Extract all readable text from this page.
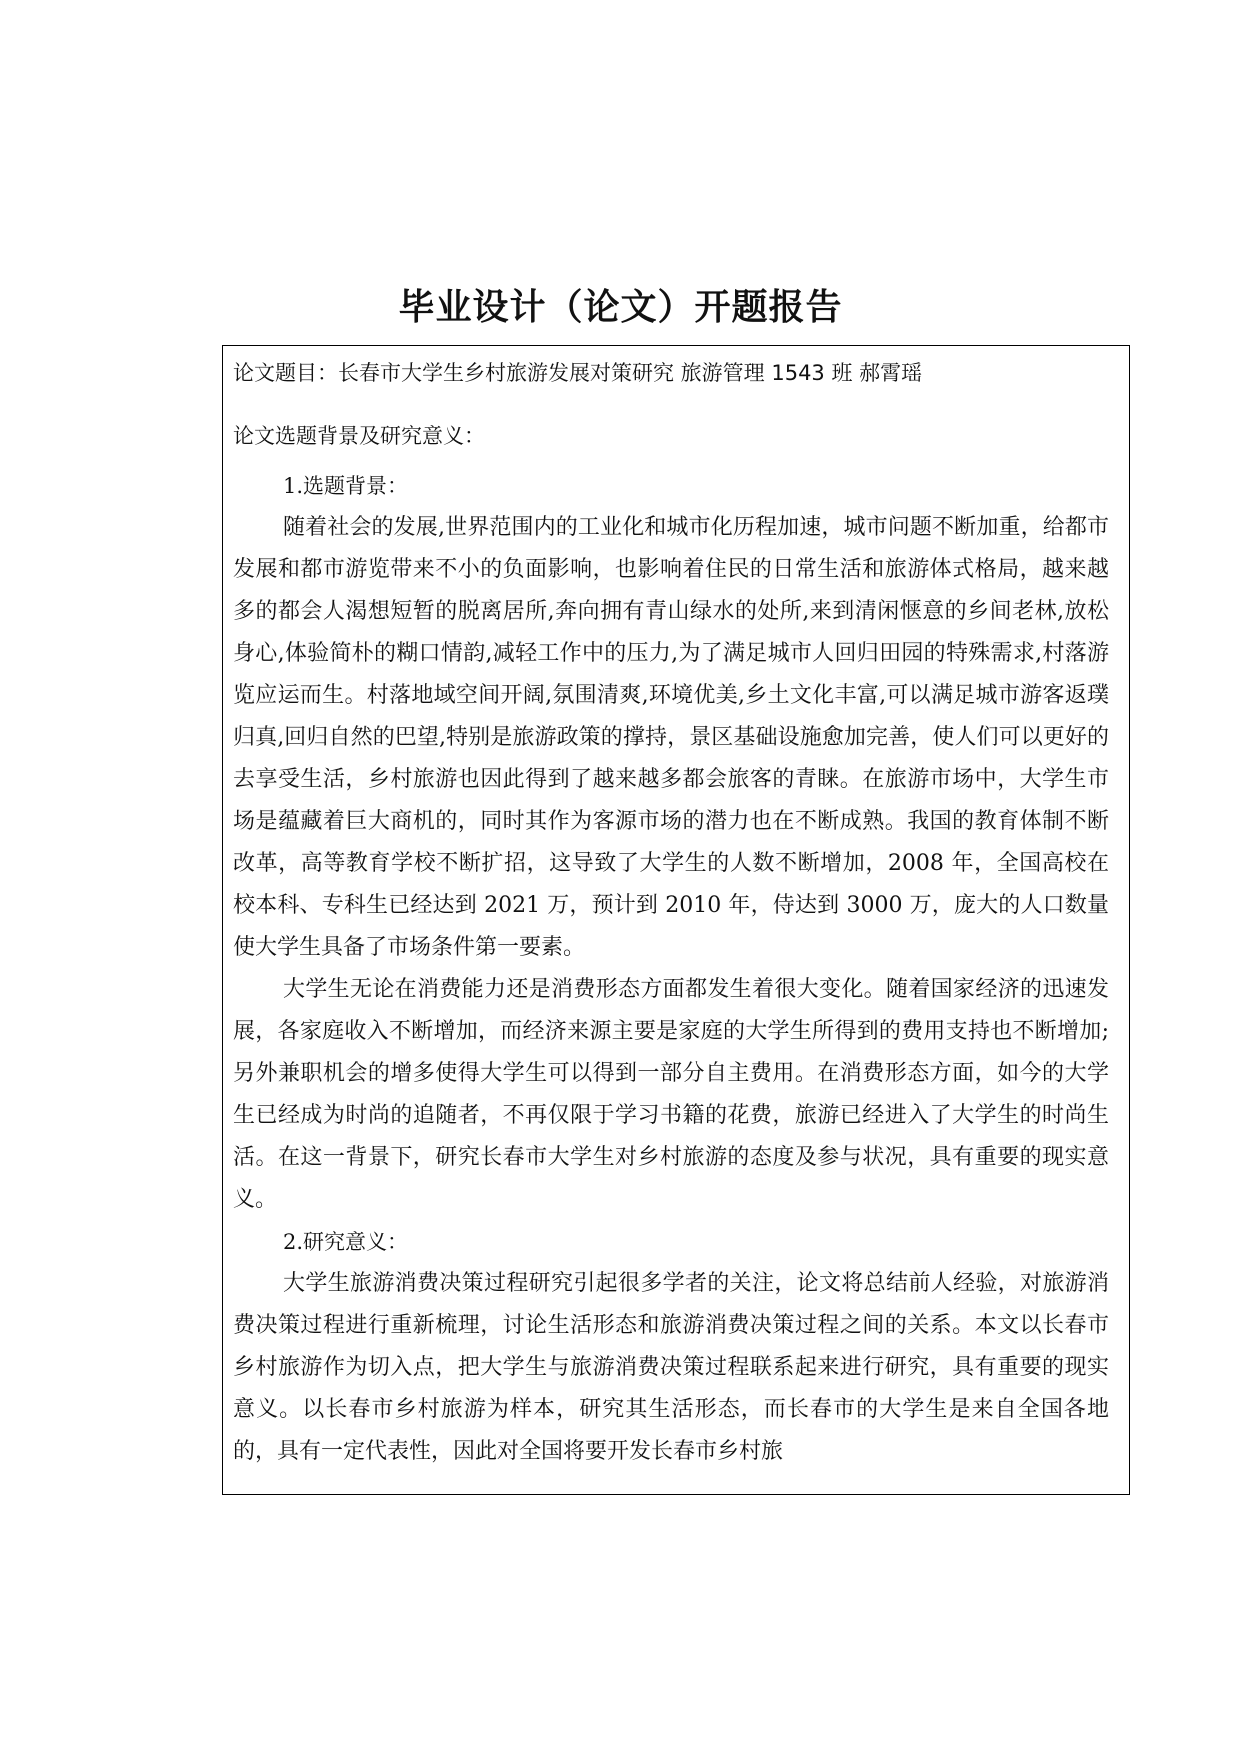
毕业设计（论文）开题报告
论文题目：长春市大学生乡村旅游发展对策研究 旅游管理 1543 班 郝霄瑶
论文选题背景及研究意义：
1.选题背景：

随着社会的发展,世界范围内的工业化和城市化历程加速，城市问题不断加重，给都市发展和都市游览带来不小的负面影响，也影响着住民的日常生活和旅游体式格局，越来越多的都会人渴想短暂的脱离居所,奔向拥有青山绿水的处所,来到清闲惬意的乡间老林,放松身心,体验简朴的糊口情韵,减轻工作中的压力,为了满足城市人回归田园的特殊需求,村落游览应运而生。村落地域空间开阔,氛围清爽,环境优美,乡土文化丰富,可以满足城市游客返璞归真,回归自然的巴望,特别是旅游政策的撑持，景区基础设施愈加完善，使人们可以更好的去享受生活，乡村旅游也因此得到了越来越多都会旅客的青睐。在旅游市场中，大学生市场是蕴藏着巨大商机的，同时其作为客源市场的潜力也在不断成熟。我国的教育体制不断改革，高等教育学校不断扩招，这导致了大学生的人数不断增加，2008 年，全国高校在校本科、专科生已经达到 2021 万，预计到 2010 年，侍达到 3000 万，庞大的人口数量使大学生具备了市场条件第一要素。

大学生无论在消费能力还是消费形态方面都发生着很大变化。随着国家经济的迅速发展，各家庭收入不断增加，而经济来源主要是家庭的大学生所得到的费用支持也不断增加;另外兼职机会的增多使得大学生可以得到一部分自主费用。在消费形态方面，如今的大学生已经成为时尚的追随者，不再仅限于学习书籍的花费，旅游已经进入了大学生的时尚生活。在这一背景下，研究长春市大学生对乡村旅游的态度及参与状况，具有重要的现实意义。

2.研究意义：

大学生旅游消费决策过程研究引起很多学者的关注，论文将总结前人经验，对旅游消费决策过程进行重新梳理，讨论生活形态和旅游消费决策过程之间的关系。本文以长春市乡村旅游作为切入点，把大学生与旅游消费决策过程联系起来进行研究，具有重要的现实意义。以长春市乡村旅游为样本，研究其生活形态，而长春市的大学生是来自全国各地的，具有一定代表性，因此对全国将要开发长春市乡村旅
